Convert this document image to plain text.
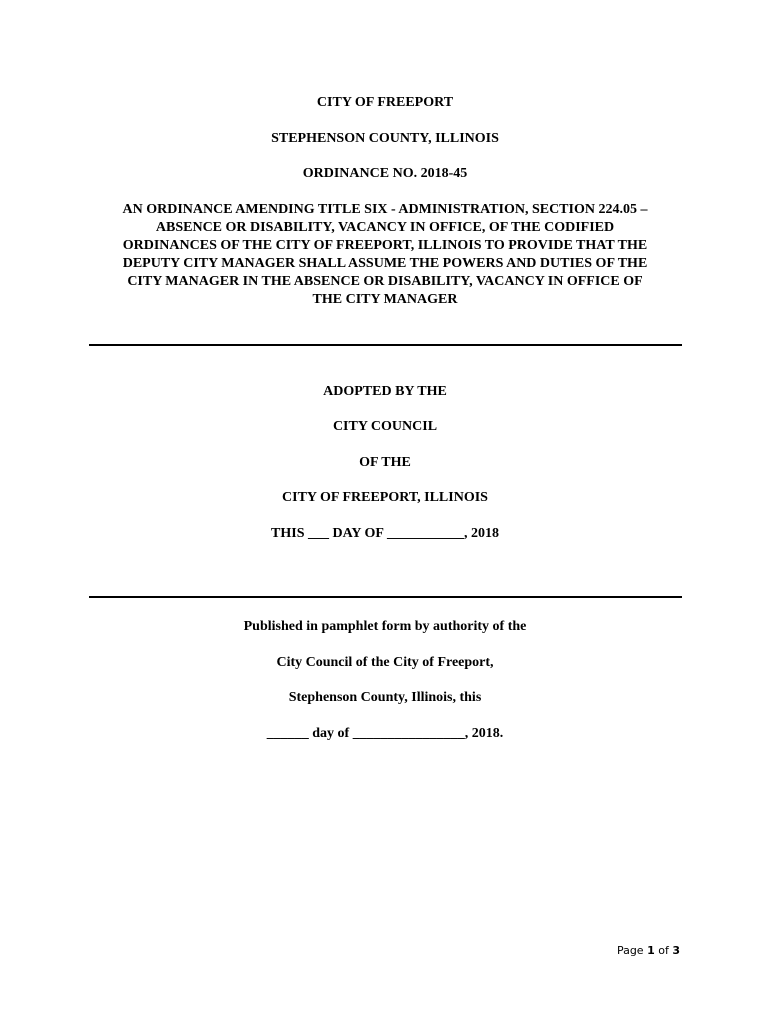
CITY OF FREEPORT
STEPHENSON COUNTY, ILLINOIS
ORDINANCE NO. 2018-45
AN ORDINANCE AMENDING TITLE SIX - ADMINISTRATION, SECTION 224.05 –
ABSENCE OR DISABILITY, VACANCY IN OFFICE, OF THE CODIFIED
ORDINANCES OF THE CITY OF FREEPORT, ILLINOIS TO PROVIDE THAT THE
DEPUTY CITY MANAGER SHALL ASSUME THE POWERS AND DUTIES OF THE
CITY MANAGER IN THE ABSENCE OR DISABILITY, VACANCY IN OFFICE OF
THE CITY MANAGER
ADOPTED BY THE
CITY COUNCIL
OF THE
CITY OF FREEPORT, ILLINOIS
THIS ___ DAY OF ___________, 2018
Published in pamphlet form by authority of the
City Council of the City of Freeport,
Stephenson County, Illinois, this
______ day of ________________, 2018.
Page 1 of 3
